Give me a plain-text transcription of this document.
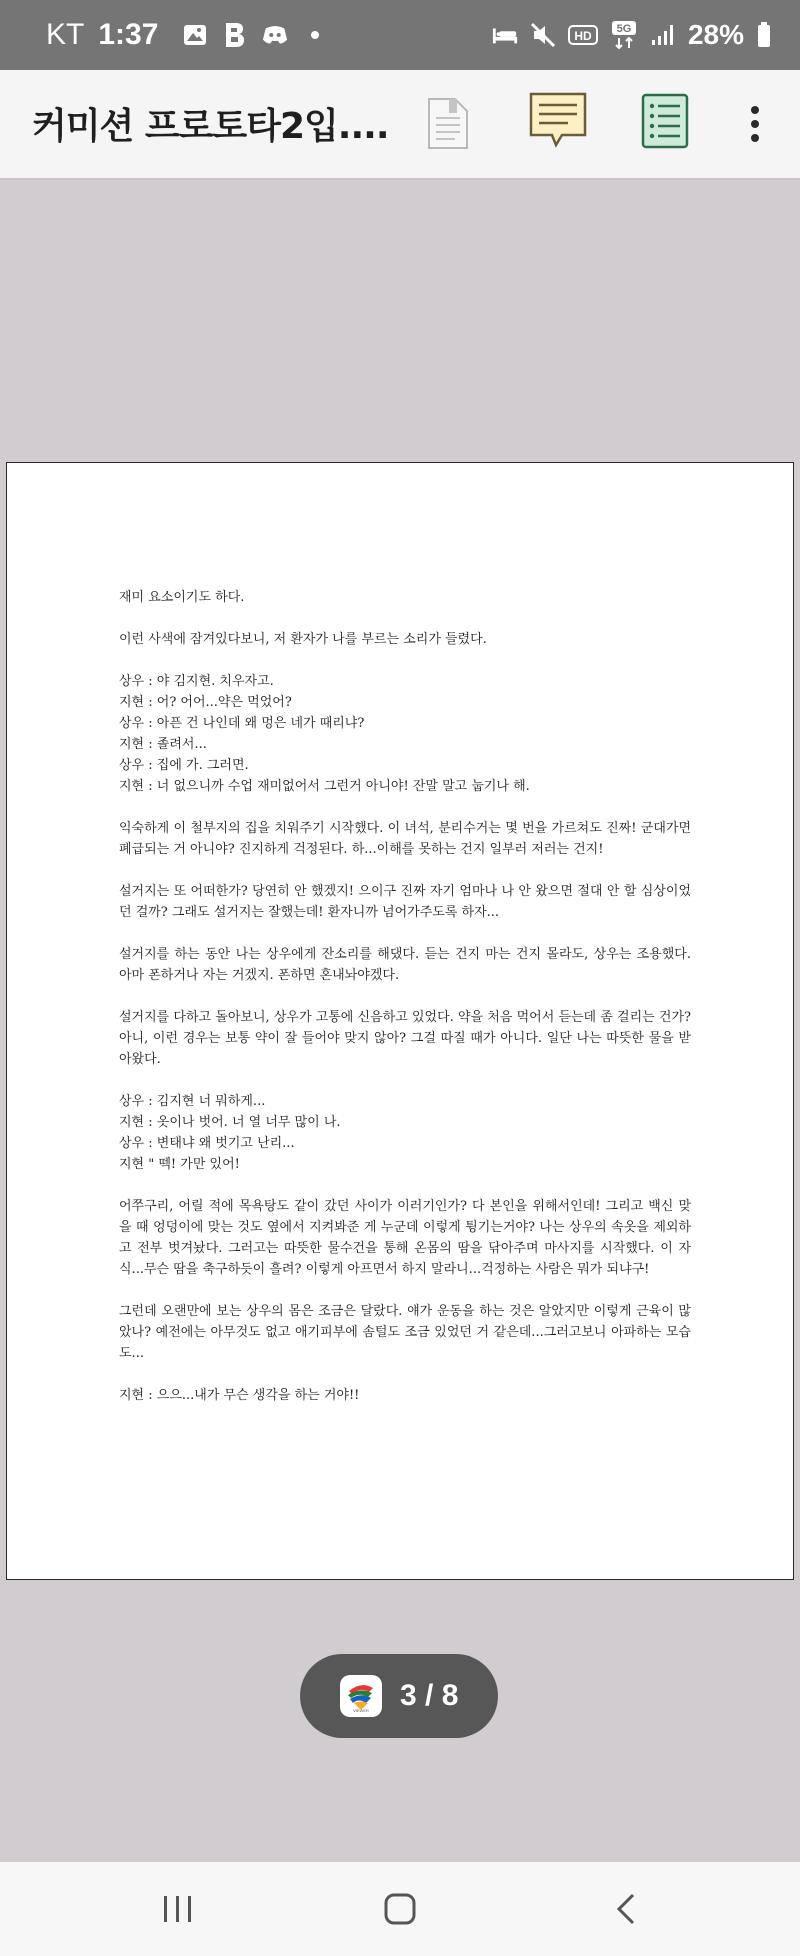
KT 1:37	HD 5G 28%
커미션 프로토타2입....

재미 요소이기도 하다.

이런 사색에 잠겨있다보니, 저 환자가 나를 부르는 소리가 들렸다.

상우 : 야 김지현. 치우자고.
지현 : 어? 어어...약은 먹었어?
상우 : 아픈 건 나인데 왜 멍은 네가 때리냐?
지현 : 졸려서...
상우 : 집에 가. 그러면.
지현 : 너 없으니까 수업 재미없어서 그런거 아니야! 잔말 말고 눕기나 해.

익숙하게 이 철부지의 집을 치워주기 시작했다. 이 녀석, 분리수거는 몇 번을 가르쳐도 진짜! 군대가면 폐급되는 거 아니야? 진지하게 걱정된다. 하...이해를 못하는 건지 일부러 저러는 건지!

설거지는 또 어떠한가? 당연히 안 했겠지! 으이구 진짜 자기 엄마나 나 안 왔으면 절대 안 할 심상이었던 걸까? 그래도 설거지는 잘했는데! 환자니까 넘어가주도록 하자...

설거지를 하는 동안 나는 상우에게 잔소리를 해댔다. 듣는 건지 마는 건지 몰라도, 상우는 조용했다. 아마 폰하거나 자는 거겠지. 폰하면 혼내놔야겠다.

설거지를 다하고 돌아보니, 상우가 고통에 신음하고 있었다. 약을 처음 먹어서 듣는데 좀 걸리는 건가? 아니, 이런 경우는 보통 약이 잘 들어야 맞지 않아? 그걸 따질 때가 아니다. 일단 나는 따뜻한 물을 받아왔다.

상우 : 김지현 너 뭐하게...
지현 : 옷이나 벗어. 너 열 너무 많이 나.
상우 : 변태냐 왜 벗기고 난리...
지현 " 떽! 가만 있어!

어쭈구리, 어릴 적에 목욕탕도 같이 갔던 사이가 이러기인가? 다 본인을 위해서인데! 그리고 백신 맞을 때 엉덩이에 맞는 것도 옆에서 지켜봐준 게 누군데 이렇게 튕기는거야? 나는 상우의 속옷을 제외하고 전부 벗겨놨다. 그러고는 따뜻한 물수건을 통해 온몸의 땀을 닦아주며 마사지를 시작했다. 이 자식...무슨 땀을 축구하듯이 흘려? 이렇게 아프면서 하지 말라니...걱정하는 사람은 뭐가 되냐구!

그런데 오랜만에 보는 상우의 몸은 조금은 달랐다. 얘가 운동을 하는 것은 알았지만 이렇게 근육이 많았나? 예전에는 아무것도 없고 애기피부에 솜털도 조금 있었던 거 같은데...그러고보니 아파하는 모습도...

지현 : 으으...내가 무슨 생각을 하는 거야!!

VIEWER 3 / 8
